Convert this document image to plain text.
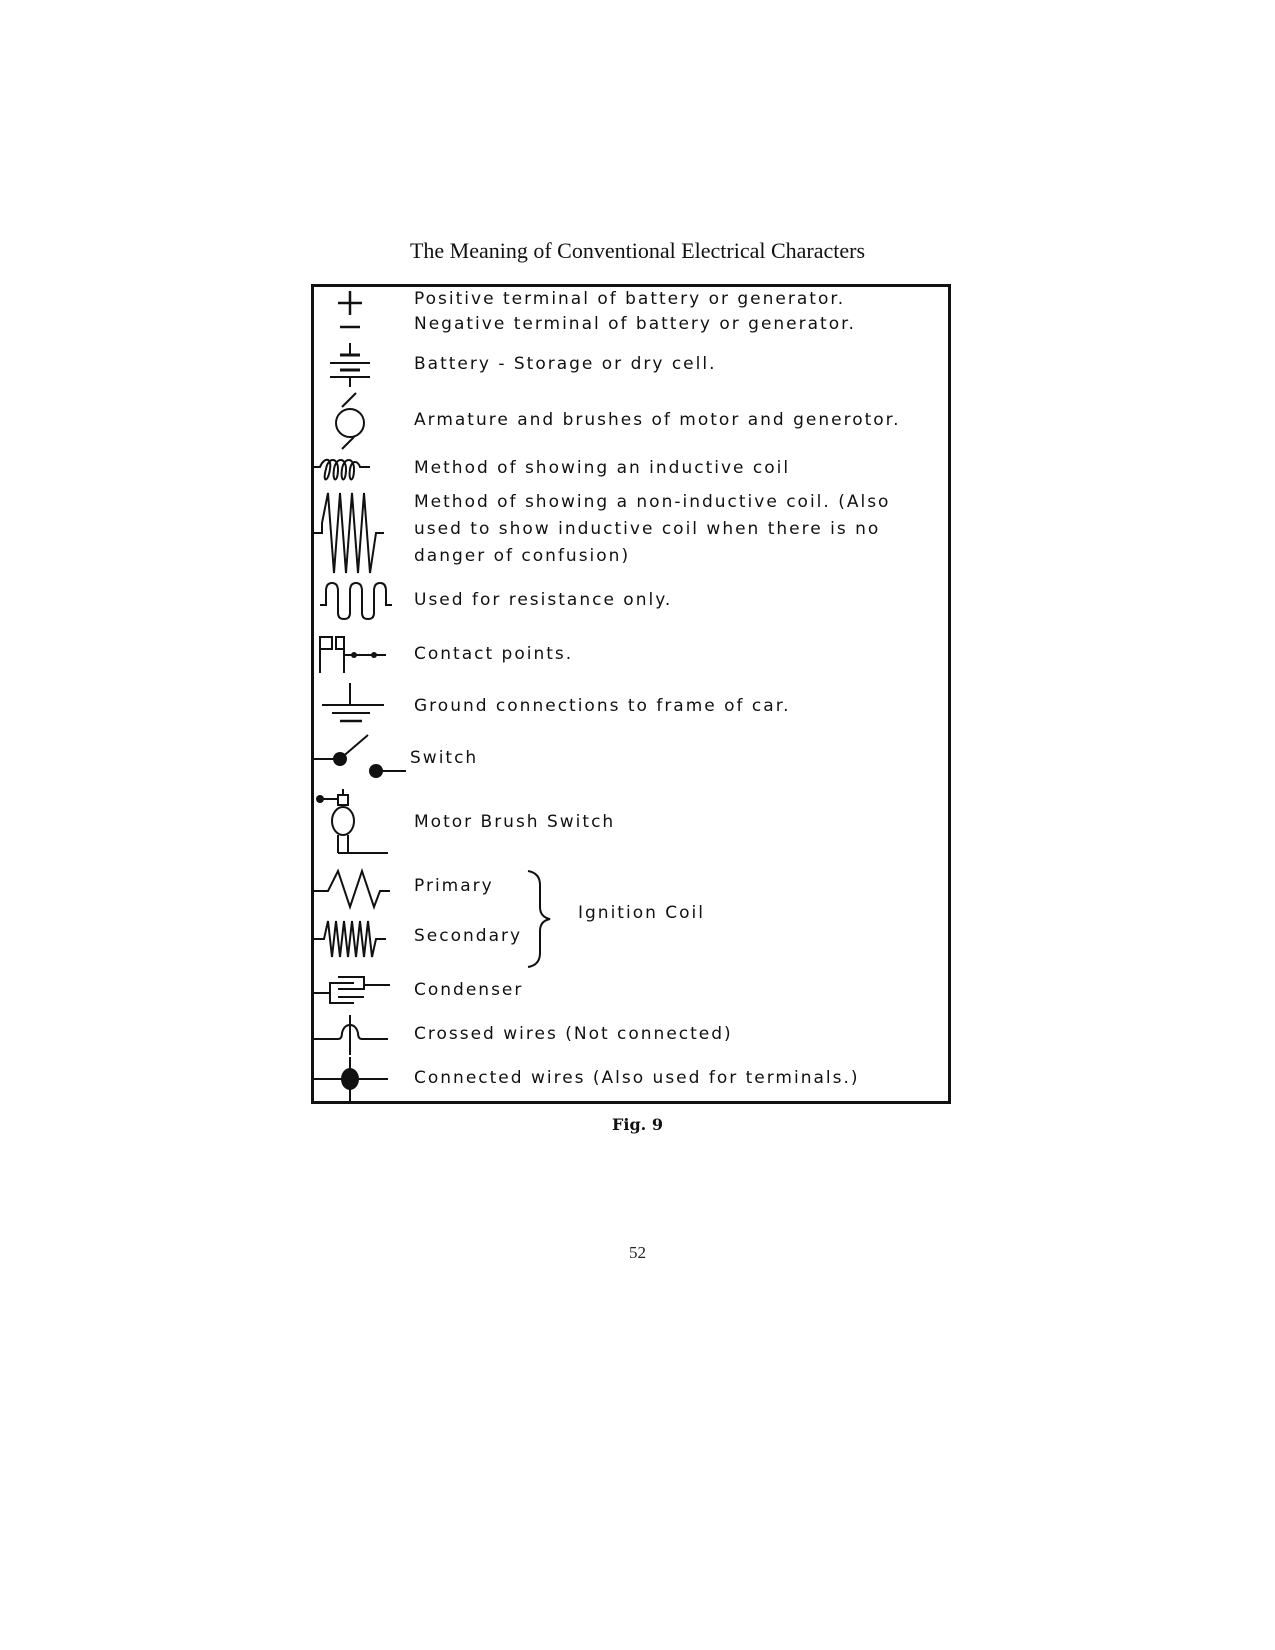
The Meaning of Conventional Electrical Characters
Positive terminal of battery or generator.
Negative terminal of battery or generator.
Battery - Storage or dry cell.
Armature and brushes of motor and generotor.
Method of showing an inductive coil
Method of showing a non-inductive coil. (Also used to show inductive coil when there is no danger of confusion)
Used for resistance only.
Contact points.
Ground connections to frame of car.
Switch
Motor Brush Switch
Primary
Secondary
Ignition Coil
Condenser
Crossed wires (Not connected)
Connected wires (Also used for terminals.)
Fig. 9
52
